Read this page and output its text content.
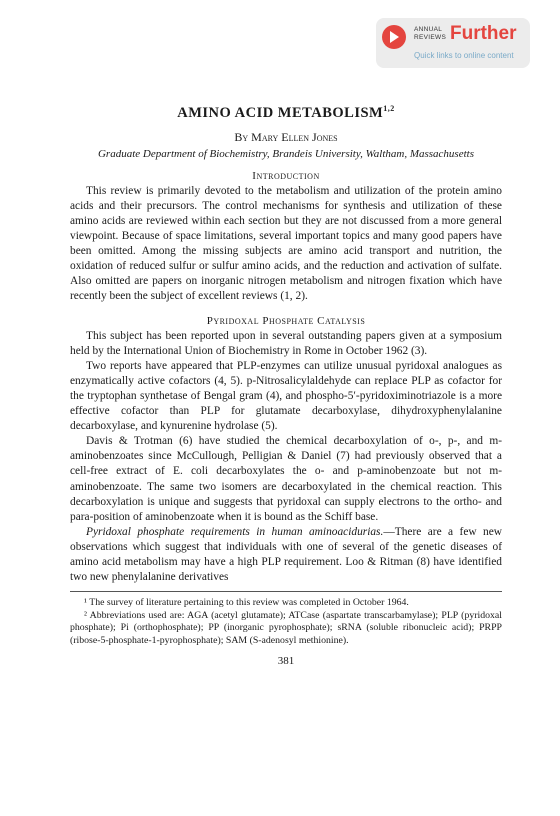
ANNUAL
REVIEWS Further
Quick links to online content
AMINO ACID METABOLISM$^{1,2}$
By Mary Ellen Jones
Graduate Department of Biochemistry, Brandeis University, Waltham, Massachusetts
Introduction

This review is primarily devoted to the metabolism and utilization of the protein amino acids and their precursors. The control mechanisms for synthesis and utilization of these amino acids are reviewed within each section but they are not discussed from a more general viewpoint. Because of space limitations, several important topics and many good papers have been omitted. Among the missing subjects are amino acid transport and nutrition, the oxidation of reduced sulfur or sulfur amino acids, and the reduction and activation of sulfate. Also omitted are papers on inorganic nitrogen metabolism and nitrogen fixation which have recently been the subject of excellent reviews (1, 2).

Pyridoxal Phosphate Catalysis

This subject has been reported upon in several outstanding papers given at a symposium held by the International Union of Biochemistry in Rome in October 1962 (3).

Two reports have appeared that PLP-enzymes can utilize unusual pyridoxal analogues as enzymatically active cofactors (4, 5). p-Nitrosalicylaldehyde can replace PLP as cofactor for the tryptophan synthetase of Bengal gram (4), and phospho-5′-pyridoximinotriazole is a more effective cofactor than PLP for glutamate decarboxylase, dihydroxyphenylalanine decarboxylase, and kynurenine hydrolase (5).

Davis & Trotman (6) have studied the chemical decarboxylation of o-, p-, and m-aminobenzoates since McCullough, Pelligian & Daniel (7) had previously observed that a cell-free extract of E. coli decarboxylates the o- and p-aminobenzoate but not m-aminobenzoate. The same two isomers are decarboxylated in the chemical reaction. This decarboxylation is unique and suggests that pyridoxal can supply electrons to the ortho- and para-position of aminobenzoate when it is bound as the Schiff base.

Pyridoxal phosphate requirements in human aminoacidurias.—There are a few new observations which suggest that individuals with one of several of the genetic diseases of amino acid metabolism may have a high PLP requirement. Loo & Ritman (8) have identified two new phenylalanine derivatives

¹ The survey of literature pertaining to this review was completed in October 1964.

² Abbreviations used are: AGA (acetyl glutamate); ATCase (aspartate transcarbamylase); PLP (pyridoxal phosphate); Pi (orthophosphate); PP (inorganic pyrophosphate); sRNA (soluble ribonucleic acid); PRPP (ribose-5-phosphate-1-pyrophosphate); SAM (S-adenosyl methionine).

381
